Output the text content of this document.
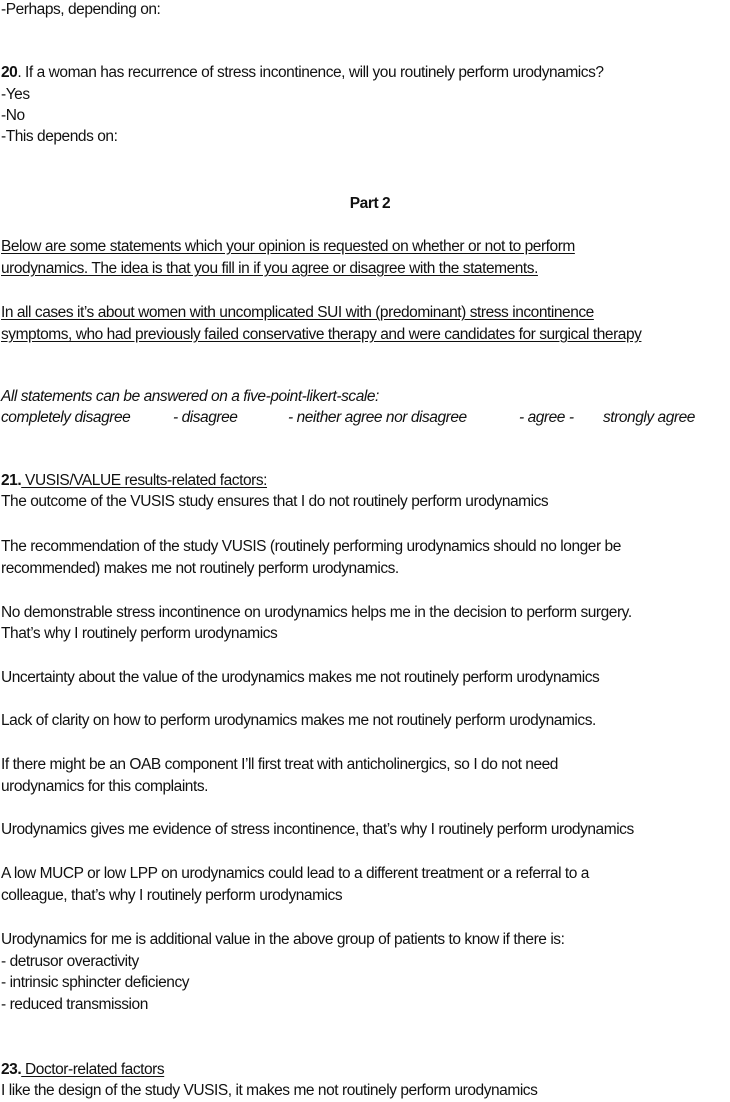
-Perhaps, depending on:
20. If a woman has recurrence of stress incontinence, will you routinely perform urodynamics?
-Yes
-No
-This depends on:
Part 2
Below are some statements which your opinion is requested on whether or not to perform
urodynamics. The idea is that you fill in if you agree or disagree with the statements.
In all cases it’s about women with uncomplicated SUI with (predominant) stress incontinence
symptoms, who had previously failed conservative therapy and were candidates for surgical therapy
All statements can be answered on a five-point-likert-scale:
completely disagree	- disagree	- neither agree nor disagree	- agree - strongly agree
21. VUSIS/VALUE results-related factors:
The outcome of the VUSIS study ensures that I do not routinely perform urodynamics
The recommendation of the study VUSIS (routinely performing urodynamics should no longer be
recommended) makes me not routinely perform urodynamics.
No demonstrable stress incontinence on urodynamics helps me in the decision to perform surgery.
That’s why I routinely perform urodynamics
Uncertainty about the value of the urodynamics makes me not routinely perform urodynamics
Lack of clarity on how to perform urodynamics makes me not routinely perform urodynamics.
If there might be an OAB component I’ll first treat with anticholinergics, so I do not need
urodynamics for this complaints.
Urodynamics gives me evidence of stress incontinence, that’s why I routinely perform urodynamics
A low MUCP or low LPP on urodynamics could lead to a different treatment or a referral to a
colleague, that’s why I routinely perform urodynamics
Urodynamics for me is additional value in the above group of patients to know if there is:
- detrusor overactivity
- intrinsic sphincter deficiency
- reduced transmission
23. Doctor-related factors
I like the design of the study VUSIS, it makes me not routinely perform urodynamics
